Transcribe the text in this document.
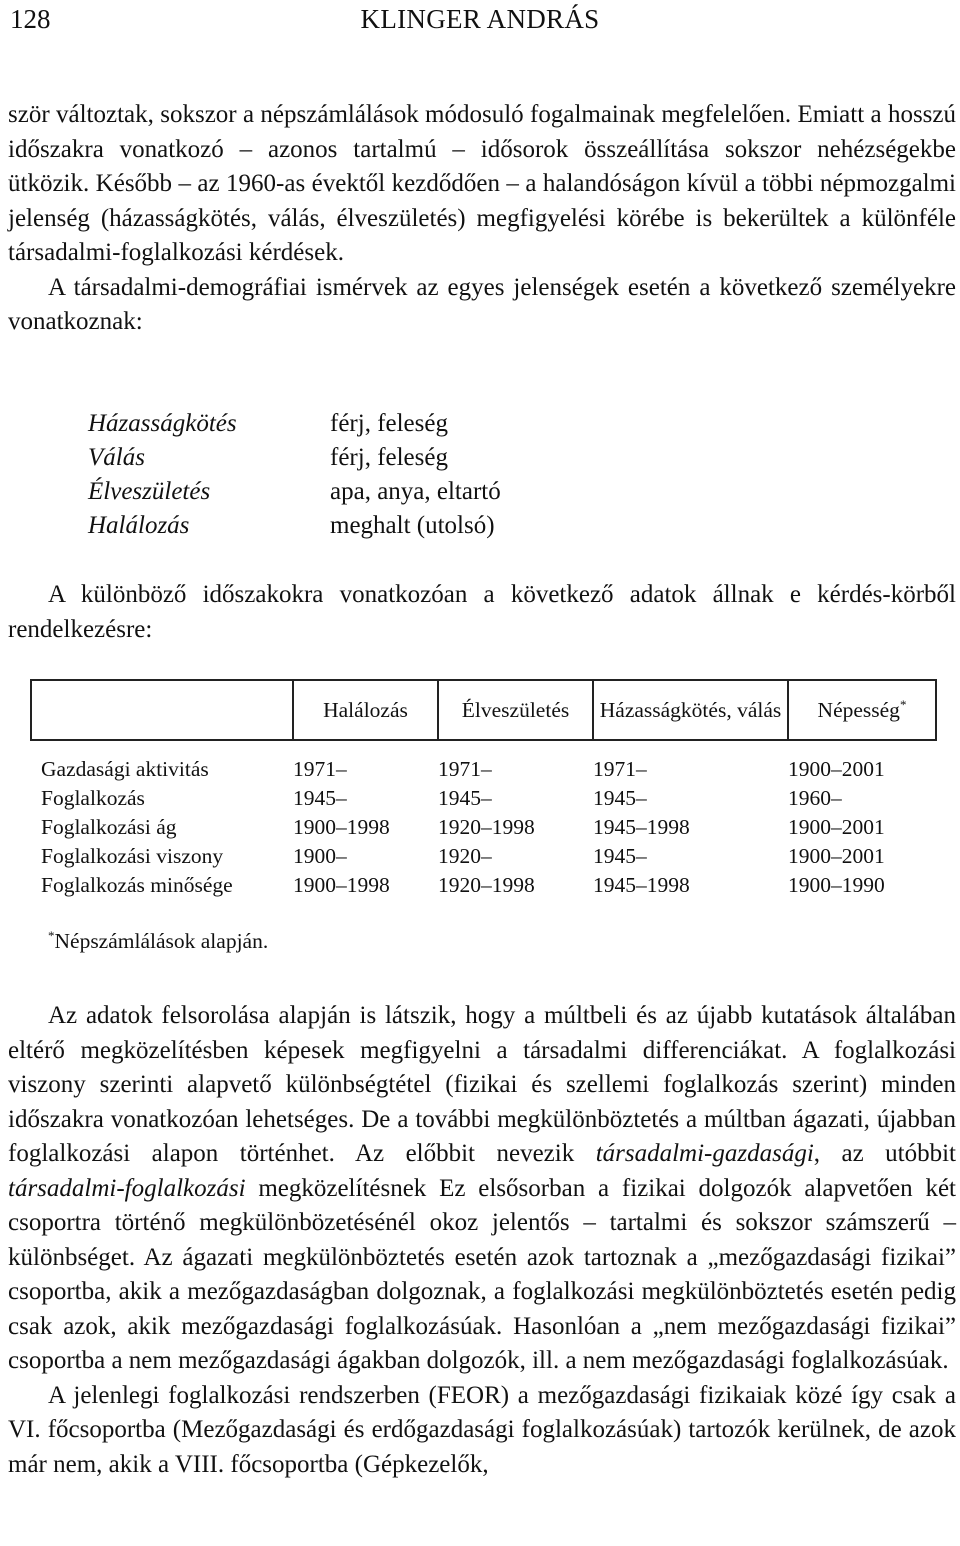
128	KLINGER ANDRÁS

ször változtak, sokszor a népszámlálások módosuló fogalmainak megfelelően. Emiatt a hosszú időszakra vonatkozó – azonos tartalmú – idősorok összeállítása sokszor nehézségekbe ütközik. Később – az 1960-as évektől kezdődően – a halandóságon kívül a többi népmozgalmi jelenség (házasságkötés, válás, élveszületés) megfigyelési körébe is bekerültek a különféle társadalmi-foglalkozási kérdések.

A társadalmi-demográfiai ismérvek az egyes jelenségek esetén a következő személyekre vonatkoznak:

Házasságkötés	férj, feleség
Válás	férj, feleség
Élveszületés	apa, anya, eltartó
Halálozás	meghalt (utolsó)

A különböző időszakokra vonatkozóan a következő adatok állnak e kérdés-körből rendelkezésre:

	Halálozás	Élveszületés	Házasságkötés, válás	Népesség*
Gazdasági aktivitás	1971–	1971–	1971–	1900–2001
Foglalkozás	1945–	1945–	1945–	1960–
Foglalkozási ág	1900–1998	1920–1998	1945–1998	1900–2001
Foglalkozási viszony	1900–	1920–	1945–	1900–2001
Foglalkozás minősége	1900–1998	1920–1998	1945–1998	1900–1990
*Népszámlálások alapján.

Az adatok felsorolása alapján is látszik, hogy a múltbeli és az újabb kutatások általában eltérő megközelítésben képesek megfigyelni a társadalmi differenciákat. A foglalkozási viszony szerinti alapvető különbségtétel (fizikai és szellemi foglalkozás szerint) minden időszakra vonatkozóan lehetséges. De a további megkülönböztetés a múltban ágazati, újabban foglalkozási alapon történhet. Az előbbit nevezik társadalmi-gazdasági, az utóbbit társadalmi-foglalkozási megközelítésnek Ez elsősorban a fizikai dolgozók alapvetően két csoportra történő megkülönbözetésénél okoz jelentős – tartalmi és sokszor számszerű – különbséget. Az ágazati megkülönböztetés esetén azok tartoznak a „mezőgazdasági fizikai” csoportba, akik a mezőgazdaságban dolgoznak, a foglalkozási megkülönböztetés esetén pedig csak azok, akik mezőgazdasági foglalkozásúak. Hasonlóan a „nem mezőgazdasági fizikai” csoportba a nem mezőgazdasági ágakban dolgozók, ill. a nem mezőgazdasági foglalkozásúak.

A jelenlegi foglalkozási rendszerben (FEOR) a mezőgazdasági fizikaiak közé így csak a VI. főcsoportba (Mezőgazdasági és erdőgazdasági foglalkozásúak) tartozók kerülnek, de azok már nem, akik a VIII. főcsoportba (Gépkezelők,
